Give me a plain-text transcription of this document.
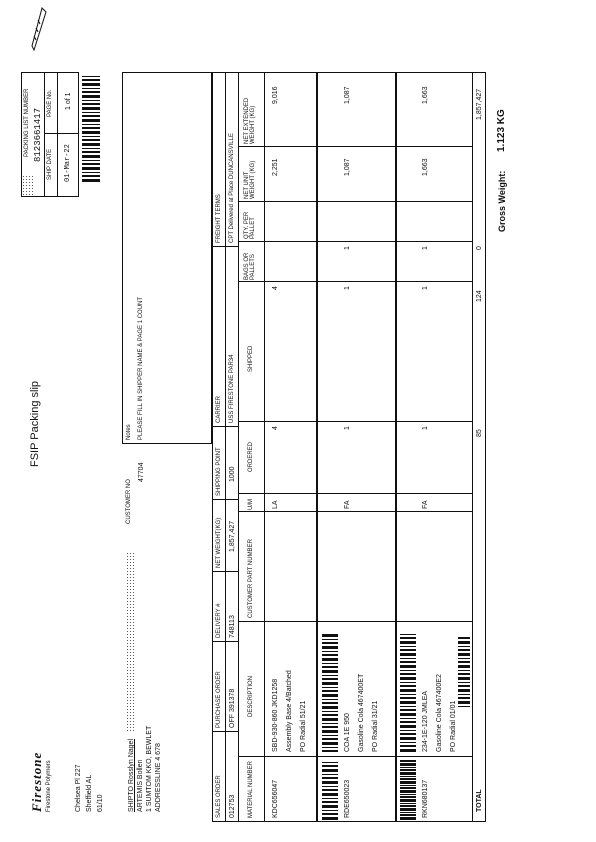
Firestone Firestone Polymers	Chelsea Pl 227 Sheffield AL 61/10
FSIP Packing slip
PACKING LIST NUMBER 8123661417
SHIP DATE
PAGE No.
01-Mar-22
1 of 1
SHIPTO Rosslyn Nagel ARTEMIS Bollen 1 SUMTOM KKO, BEWLET ADDRESSLINE 4 678
CUSTOMER NO
47704
Notes PLEASE FILL IN SHIPPER NAME & PAGE 1 COUNT
SALES ORDER
PURCHASE ORDER
DELIVERY #
NET WEIGHT(KG)
SHIPPING POINT
CARRIER
FREIGHT TERMS
012753
OFF 391378
748113
1,857,427
1000
USS FIRESTONE PAR34
CPT Delivered at Place DUNCANSVILLE
MATERIAL NUMBER
DESCRIPTION
CUSTOMER PART NUMBER
U/M
ORDERED
SHIPPED
BAGS OR PALLETS
QTY. PER PALLET
NET UNIT WEIGHT (KG)
NET EXTENDED WEIGHT (KG)
KDC656047
SBD-930-860 JKD1258 Assembly Base 4/Batched PO Radial 51/21
LA
4
4
2,251
9,016
RDE650023
COA 1E 950 Gasoline Cola 467400ET PO Radial 31/21
FA
1
1
1
1,087
1,087
RKN680137
234-1E-120 JMLEA Gasoline Cola 467400E2 PO Radial 01/01
FA
1
1
1
1,663
1,663
TOTAL
85
124
0
1,857,427
Gross Weight:
1.123 KG
